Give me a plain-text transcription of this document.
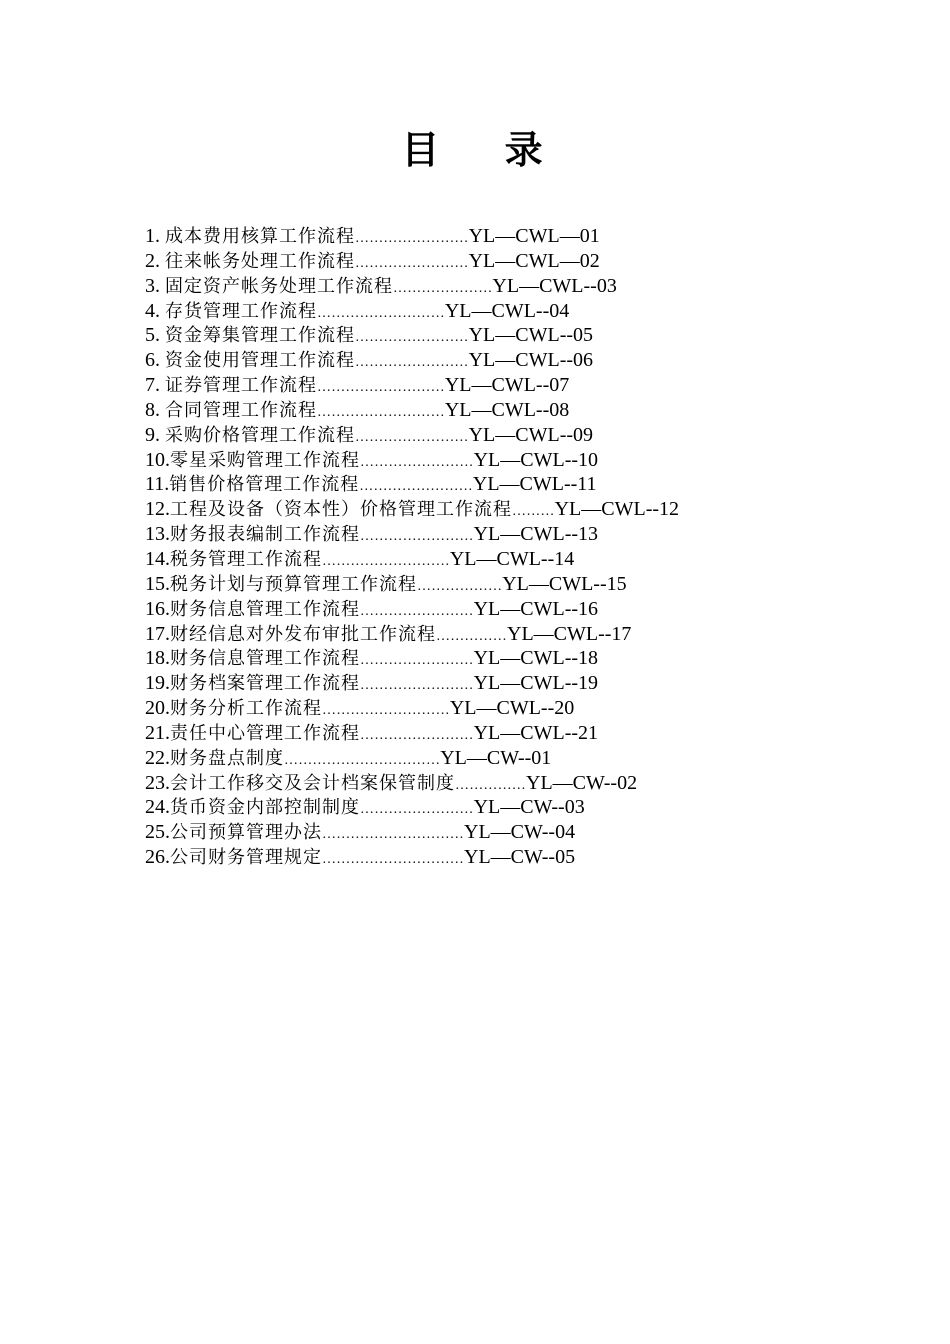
目 录
1. 成本费用核算工作流程……………………YL—CWL—01
2. 往来帐务处理工作流程……………………YL—CWL—02
3. 固定资产帐务处理工作流程…………………YL—CWL--03
4. 存货管理工作流程………………………YL—CWL--04
5. 资金筹集管理工作流程……………………YL—CWL--05
6. 资金使用管理工作流程……………………YL—CWL--06
7. 证券管理工作流程………………………YL—CWL--07
8. 合同管理工作流程………………………YL—CWL--08
9. 采购价格管理工作流程……………………YL—CWL--09
10.零星采购管理工作流程……………………YL—CWL--10
11.销售价格管理工作流程……………………YL—CWL--11
12.工程及设备（资本性）价格管理工作流程………YL—CWL--12
13.财务报表编制工作流程……………………YL—CWL--13
14.税务管理工作流程………………………YL—CWL--14
15.税务计划与预算管理工作流程………………YL—CWL--15
16.财务信息管理工作流程……………………YL—CWL--16
17.财经信息对外发布审批工作流程……………YL—CWL--17
18.财务信息管理工作流程……………………YL—CWL--18
19.财务档案管理工作流程……………………YL—CWL--19
20.财务分析工作流程………………………YL—CWL--20
21.责任中心管理工作流程……………………YL—CWL--21
22.财务盘点制度……………………………YL—CW--01
23.会计工作移交及会计档案保管制度……………YL—CW--02
24.货币资金内部控制制度……………………YL—CW--03
25.公司预算管理办法…………………………YL—CW--04
26.公司财务管理规定…………………………YL—CW--05
